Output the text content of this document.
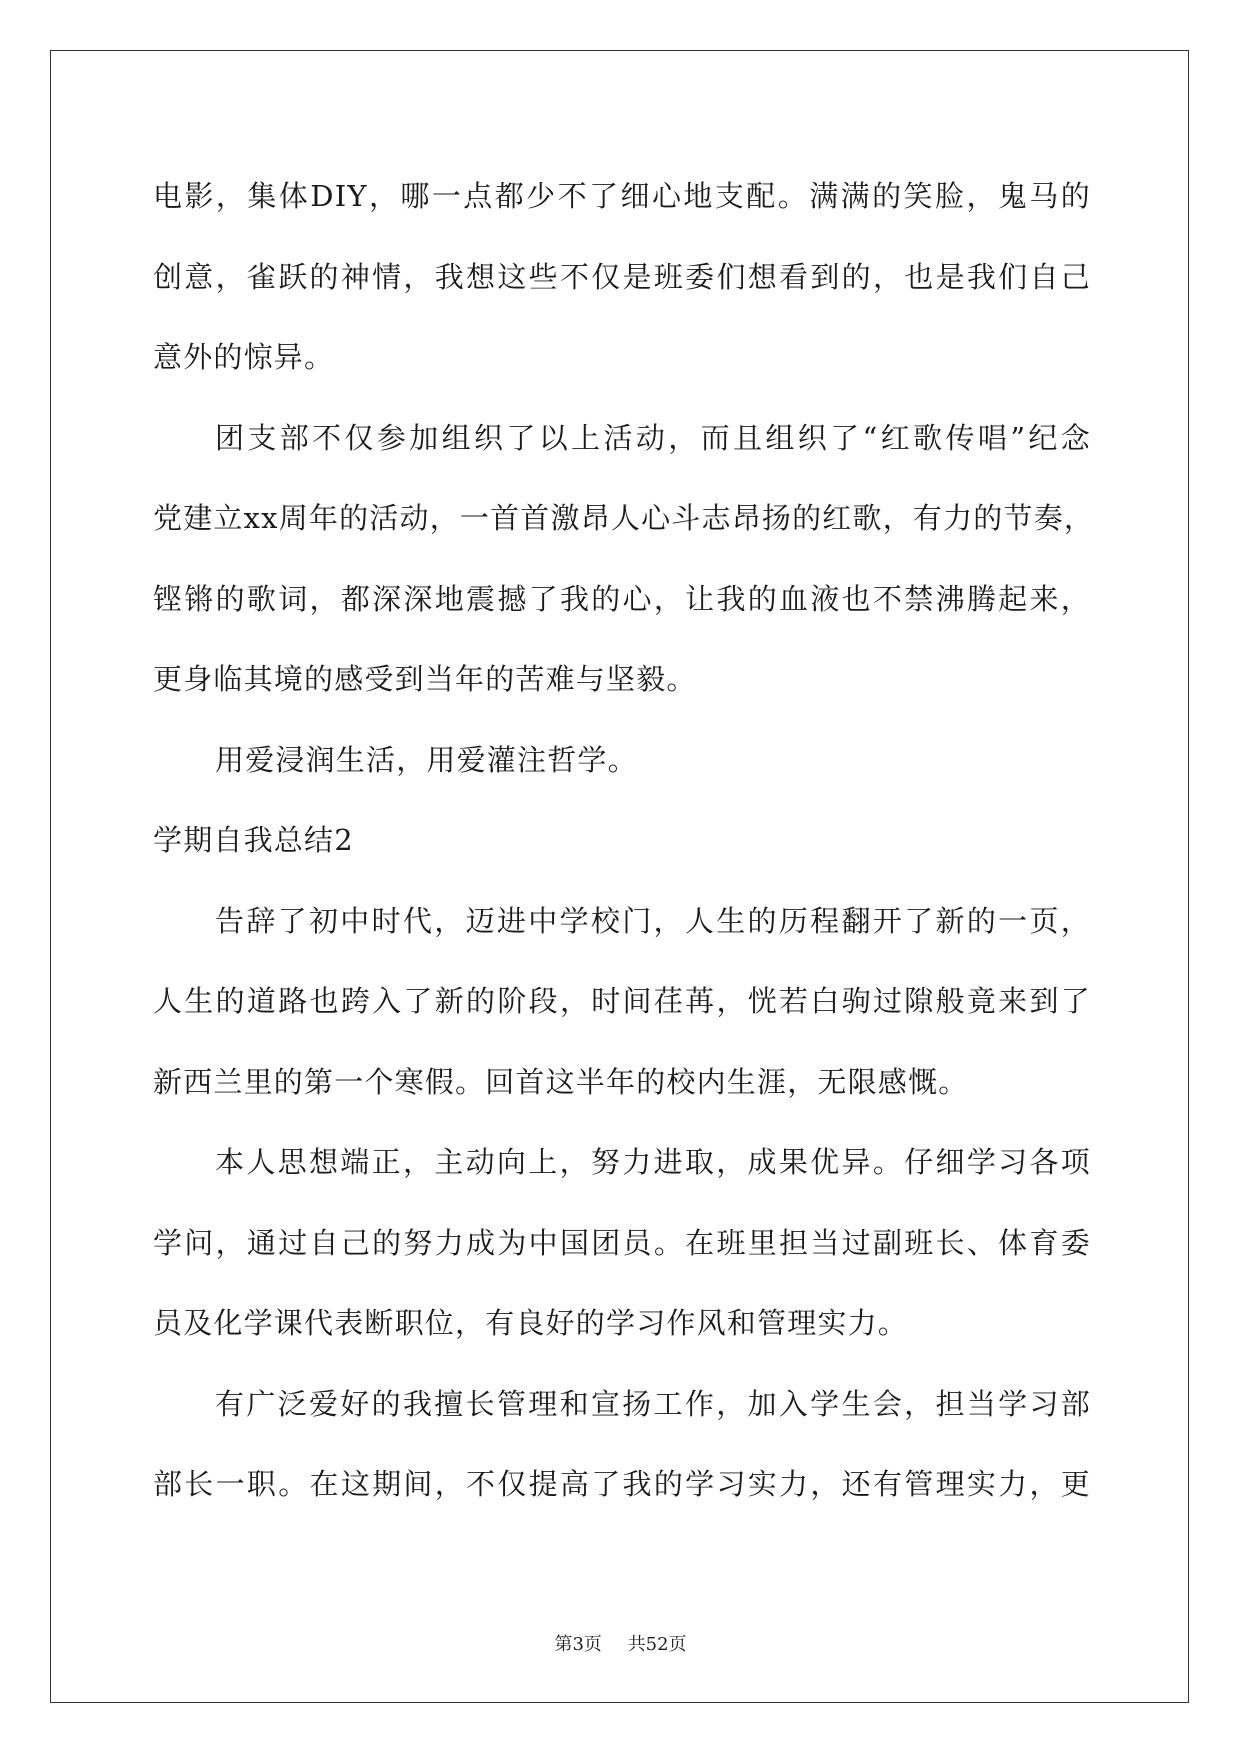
电影，集体DIY，哪一点都少不了细心地支配。满满的笑脸，鬼马的
创意，雀跃的神情，我想这些不仅是班委们想看到的，也是我们自己
意外的惊异。
团支部不仅参加组织了以上活动，而且组织了“红歌传唱”纪念
党建立xx周年的活动，一首首激昂人心斗志昂扬的红歌，有力的节奏，
铿锵的歌词，都深深地震撼了我的心，让我的血液也不禁沸腾起来，
更身临其境的感受到当年的苦难与坚毅。
用爱浸润生活，用爱灌注哲学。
学期自我总结2
告辞了初中时代，迈进中学校门，人生的历程翻开了新的一页，
人生的道路也跨入了新的阶段，时间荏苒，恍若白驹过隙般竟来到了
新西兰里的第一个寒假。回首这半年的校内生涯，无限感慨。
本人思想端正，主动向上，努力进取，成果优异。仔细学习各项
学问，通过自己的努力成为中国团员。在班里担当过副班长、体育委
员及化学课代表断职位，有良好的学习作风和管理实力。
有广泛爱好的我擅长管理和宣扬工作，加入学生会，担当学习部
部长一职。在这期间，不仅提高了我的学习实力，还有管理实力，更
第3页 共52页
